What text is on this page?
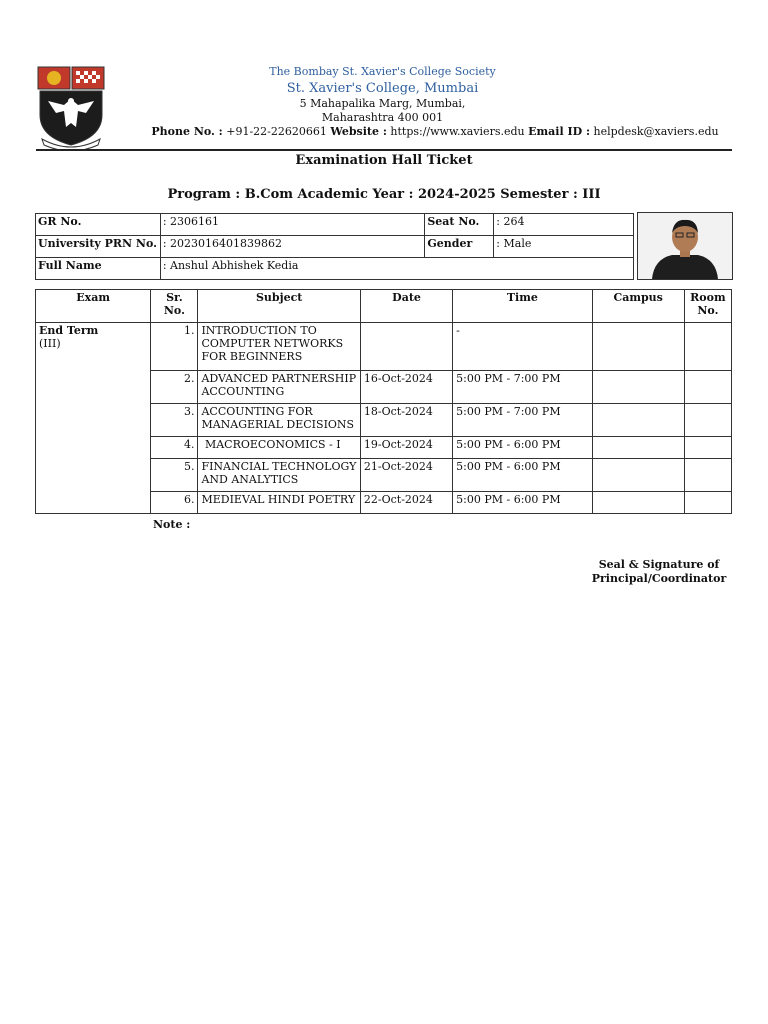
The Bombay St. Xavier's College Society
St. Xavier's College, Mumbai
5 Mahapalika Marg, Mumbai,
Maharashtra 400 001
Phone No. : +91-22-22620661 Website : https://www.xaviers.edu Email ID : helpdesk@xaviers.edu
Examination Hall Ticket
Program : B.Com Academic Year : 2024-2025 Semester : III
GR No.	: 2306161	Seat No.	: 264
University PRN No.	: 2023016401839862	Gender	: Male
Full Name	: Anshul Abhishek Kedia		
Exam	Sr. No.	Subject	Date	Time	Campus	Room No.
End Term
(III)	1.	INTRODUCTION TO COMPUTER NETWORKS FOR BEGINNERS		-		
	2.	ADVANCED PARTNERSHIP ACCOUNTING	16-Oct-2024	5:00 PM - 7:00 PM		
	3.	ACCOUNTING FOR MANAGERIAL DECISIONS	18-Oct-2024	5:00 PM - 7:00 PM		
	4.	MACROECONOMICS - I	19-Oct-2024	5:00 PM - 6:00 PM		
	5.	FINANCIAL TECHNOLOGY AND ANALYTICS	21-Oct-2024	5:00 PM - 6:00 PM		
	6.	MEDIEVAL HINDI POETRY	22-Oct-2024	5:00 PM - 6:00 PM		
Note :
Seal & Signature of
Principal/Coordinator
